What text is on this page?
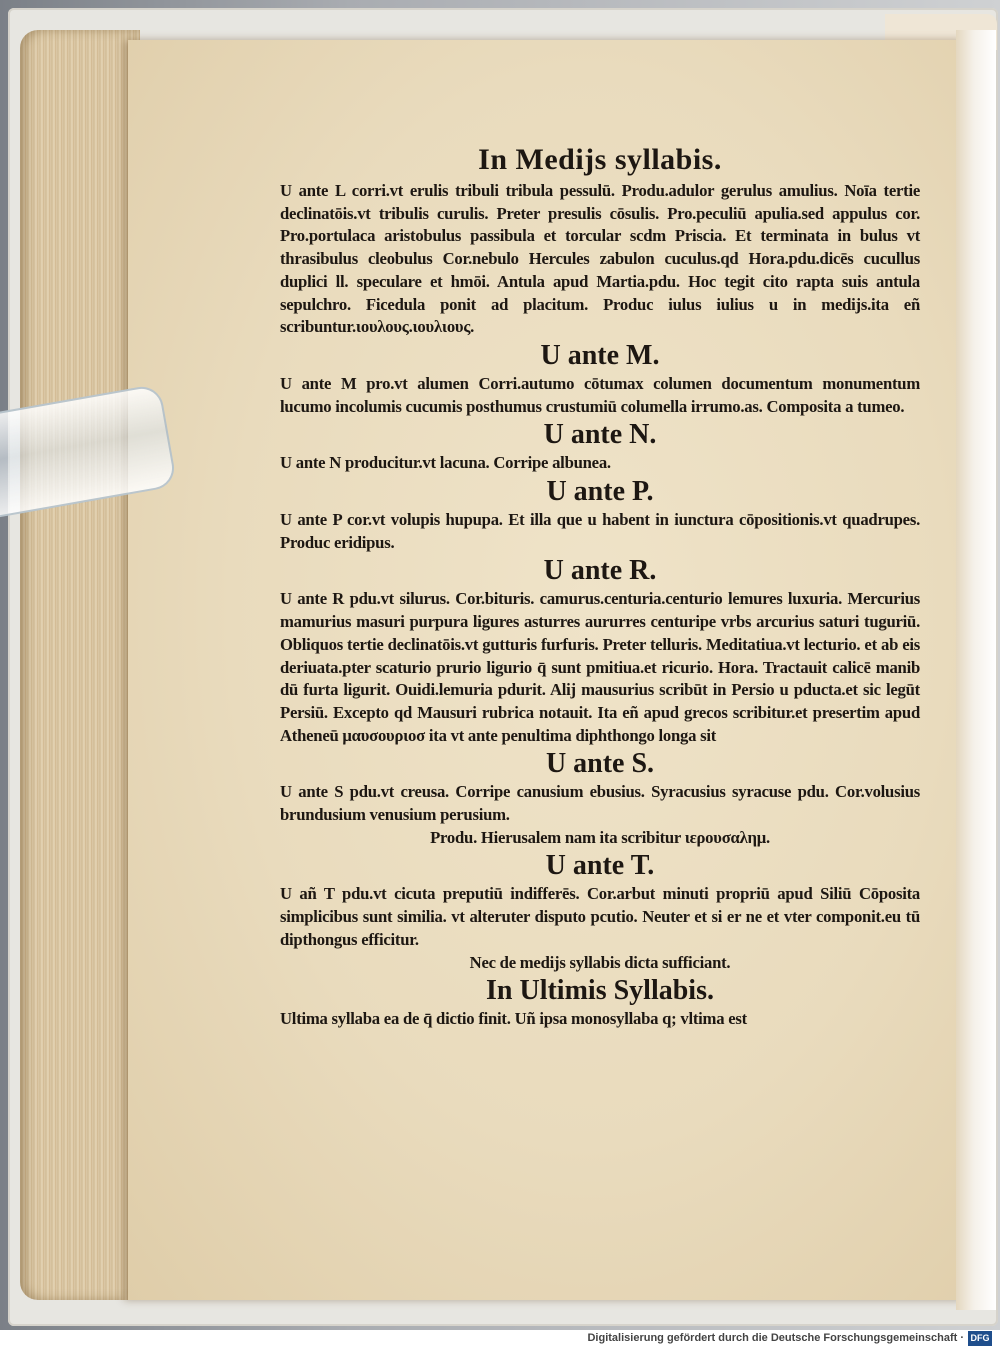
In Medijs syllabis.

U ante L corri.vt erulis tribuli tribula pessulū. Produ.adulor gerulus amulius. Noīa tertie declinatōis.vt tribulis curulis. Preter presulis cōsulis. Pro.peculiū apulia.sed appulus cor. Pro.portulaca aristobulus passibula et torcular scdm Priscia. Et terminata in bulus vt thrasibulus cleobulus Cor.nebulo Hercules zabulon cuculus.qd Hora.pdu.dicēs cucullus duplici ll. speculare et hmōi. Antula apud Martia.pdu. Hoc tegit cito rapta suis antula sepulchro. Ficedula ponit ad placitum. Produc iulus iulius u in medijs.ita eñ scribuntur.ιουλους.ιουλιους.

U ante M.

U ante M pro.vt alumen Corri.autumo cōtumax columen documentum monumentum lucumo incolumis cucumis posthumus crustumiū columella irrumo.as. Composita a tumeo.

U ante N.

U ante N producitur.vt lacuna. Corripe albunea.

U ante P.

U ante P cor.vt volupis hupupa. Et illa que u habent in iunctura cōpositionis.vt quadrupes. Produc eridipus.

U ante R.

U ante R pdu.vt silurus. Cor.bituris. camurus.centuria.centurio lemures luxuria. Mercurius mamurius masuri purpura ligures asturres aururres centuripe vrbs arcurius saturi tuguriū. Obliquos tertie declinatōis.vt gutturis furfuris. Preter telluris. Meditatiua.vt lecturio. et ab eis deriuata.pter scaturio prurio ligurio q̄ sunt pmitiua.et ricurio. Hora. Tractauit calicē manib dū furta ligurit. Ouidi.lemuria pdurit. Alij mausurius scribūt in Persio u pducta.et sic legūt Persiū. Excepto qd Mausuri rubrica notauit. Ita eñ apud grecos scribitur.et presertim apud Atheneū μαυσουριοσ ita vt ante penultima diphthongo longa sit

U ante S.

U ante S pdu.vt creusa. Corripe canusium ebusius. Syracusius syracuse pdu. Cor.volusius brundusium venusium perusium.

Produ. Hierusalem nam ita scribitur ιερουσαλημ.

U ante T.

U añ T pdu.vt cicuta preputiū indifferēs. Cor.arbut minuti propriū apud Siliū Cōposita simplicibus sunt similia. vt alteruter disputo pcutio. Neuter et si er ne et vter componit.eu tū dipthongus efficitur.

Nec de medijs syllabis dicta sufficiant.

In Ultimis Syllabis.

Ultima syllaba ea de q̄ dictio finit. Uñ ipsa monosyllaba q; vltima est

Digitalisierung gefördert durch die Deutsche Forschungsgemeinschaft · DFG
